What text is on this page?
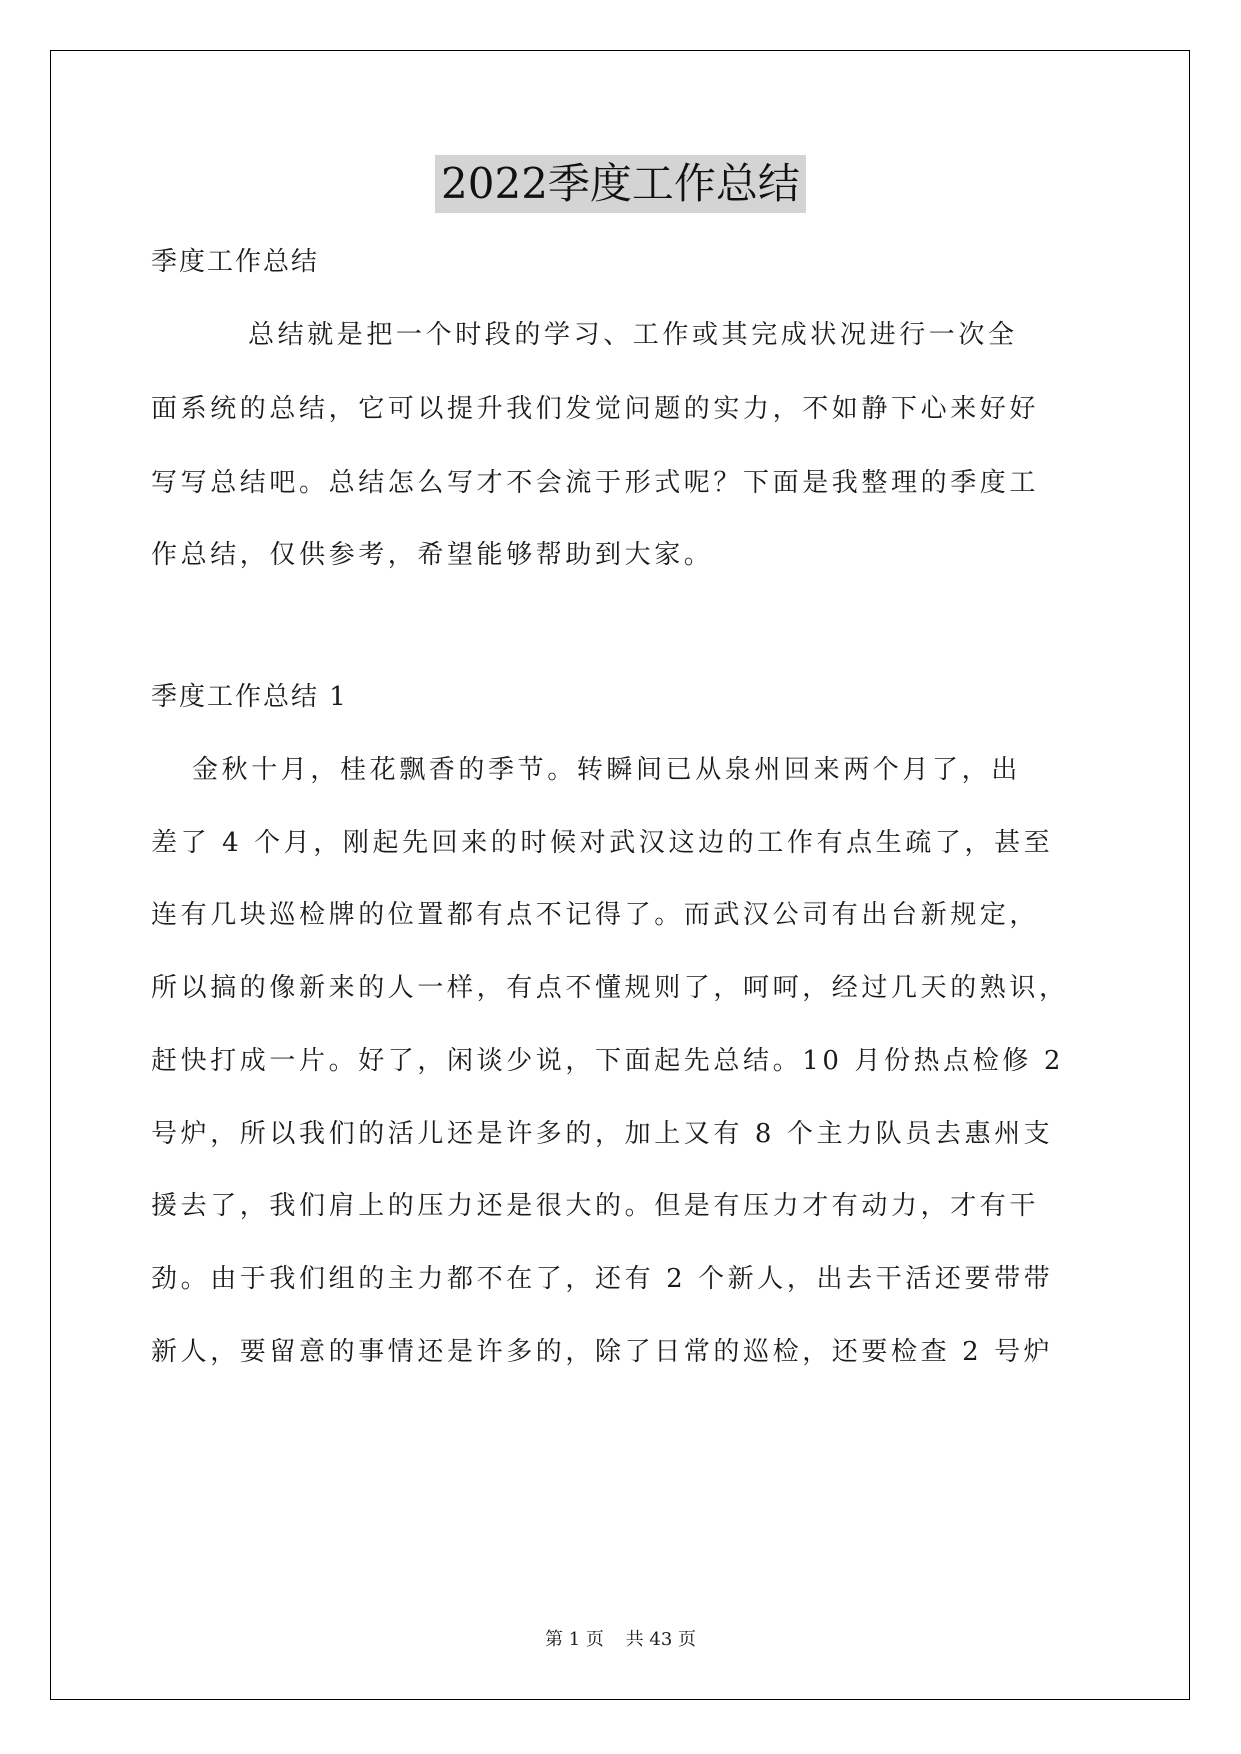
2022季度工作总结
季度工作总结
总结就是把一个时段的学习、工作或其完成状况进行一次全
面系统的总结，它可以提升我们发觉问题的实力，不如静下心来好好
写写总结吧。总结怎么写才不会流于形式呢？下面是我整理的季度工
作总结，仅供参考，希望能够帮助到大家。
季度工作总结 1
金秋十月，桂花飘香的季节。转瞬间已从泉州回来两个月了，出
差了 4 个月，刚起先回来的时候对武汉这边的工作有点生疏了，甚至
连有几块巡检牌的位置都有点不记得了。而武汉公司有出台新规定，
所以搞的像新来的人一样，有点不懂规则了，呵呵，经过几天的熟识，
赶快打成一片。好了，闲谈少说，下面起先总结。10 月份热点检修 2
号炉，所以我们的活儿还是许多的，加上又有 8 个主力队员去惠州支
援去了，我们肩上的压力还是很大的。但是有压力才有动力，才有干
劲。由于我们组的主力都不在了，还有 2 个新人，出去干活还要带带
新人，要留意的事情还是许多的，除了日常的巡检，还要检查 2 号炉
第 1 页 共 43 页
